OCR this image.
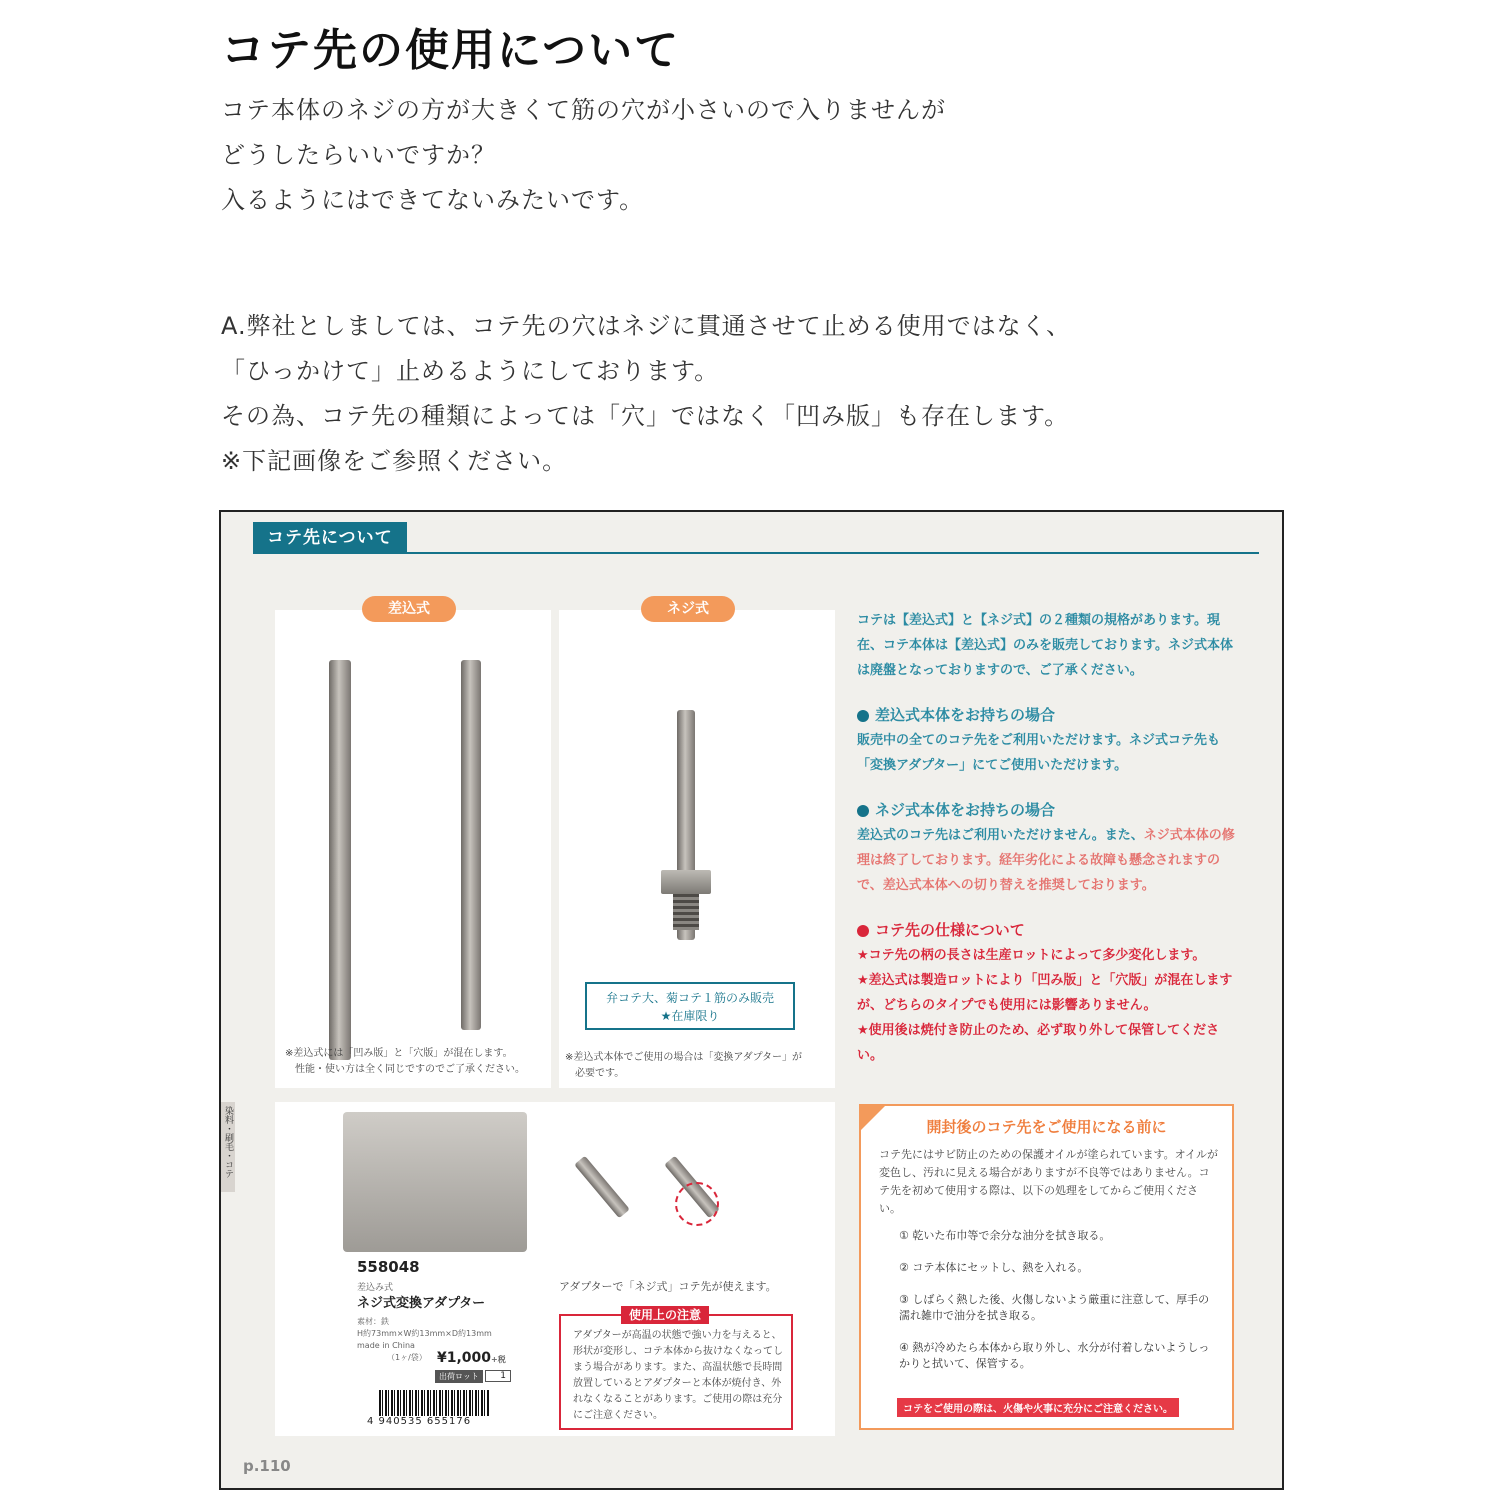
コテ先の使用について

コテ本体のネジの方が大きくて筋の穴が小さいので入りませんが

どうしたらいいですか？

入るようにはできてないみたいです。

A.弊社としましては、コテ先の穴はネジに貫通させて止める使用ではなく、

「ひっかけて」止めるようにしております。

その為、コテ先の種類によっては「穴」ではなく「凹み版」も存在します。

※下記画像をご参照ください。

コテ先について
※差込式には「凹み版」と「穴版」が混在します。
性能・使い方は全く同じですのでご了承ください。
差込式
弁コテ大、菊コテ１筋のみ販売
★在庫限り
※差込式本体でご使用の場合は「変換アダプター」が
必要です。
ネジ式
コテは【差込式】と【ネジ式】の２種類の規格があります。現在、コテ本体は【差込式】のみを販売しております。ネジ式本体は廃盤となっておりますので、ご了承ください。
差込式本体をお持ちの場合
販売中の全てのコテ先をご利用いただけます。ネジ式コテ先も「変換アダプター」にてご使用いただけます。
ネジ式本体をお持ちの場合
差込式のコテ先はご利用いただけません。また、ネジ式本体の修理は終了しております。経年劣化による故障も懸念されますので、差込式本体への切り替えを推奨しております。
コテ先の仕様について
★コテ先の柄の長さは生産ロットによって多少変化します。
★差込式は製造ロットにより「凹み版」と「穴版」が混在しますが、どちらのタイプでも使用には影響ありません。
★使用後は焼付き防止のため、必ず取り外して保管してください。
染料・刷毛・コテ
558048
差込み式
ネジ式変換アダプター
素材：鉄
H約73mm×W約13mm×D約13mm
made in China
（1ヶ/袋） ¥1,000+税
出荷ロット	1
4 940535 655176
アダプターで「ネジ式」コテ先が使えます。
使用上の注意
アダプターが高温の状態で強い力を与えると、形状が変形し、コテ本体から抜けなくなってしまう場合があります。また、高温状態で長時間放置しているとアダプターと本体が焼付き、外れなくなることがあります。ご使用の際は充分にご注意ください。
開封後のコテ先をご使用になる前に
コテ先にはサビ防止のための保護オイルが塗られています。オイルが変色し、汚れに見える場合がありますが不良等ではありません。コテ先を初めて使用する際は、以下の処理をしてからご使用ください。
① 乾いた布巾等で余分な油分を拭き取る。
② コテ本体にセットし、熱を入れる。
③ しばらく熱した後、火傷しないよう厳重に注意して、厚手の濡れ雑巾で油分を拭き取る。
④ 熱が冷めたら本体から取り外し、水分が付着しないようしっかりと拭いて、保管する。
コテをご使用の際は、火傷や火事に充分にご注意ください。
p.110
